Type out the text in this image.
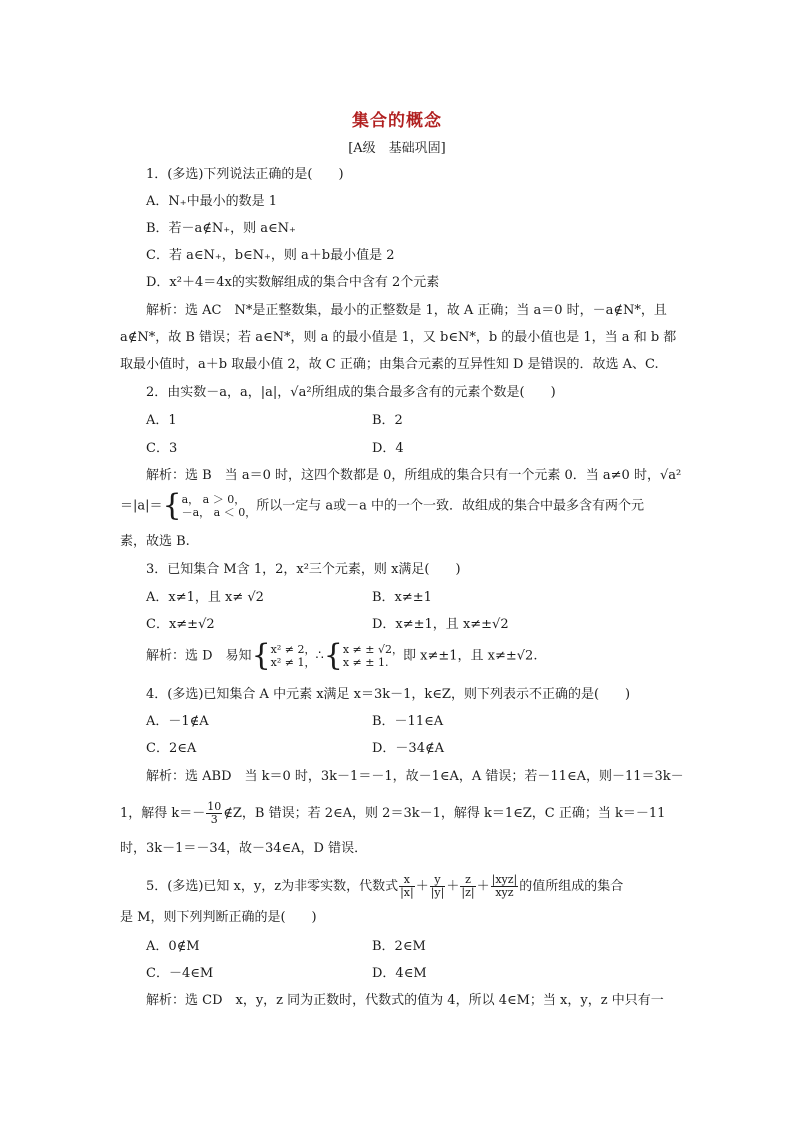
集合的概念
[A级　基础巩固]
1．(多选)下列说法正确的是(　　)
A．N₊中最小的数是 1
B．若－a∉N₊，则 a∈N₊
C．若 a∈N₊，b∈N₊，则 a＋b最小值是 2
D．x²＋4＝4x的实数解组成的集合中含有 2个元素
解析：选 AC　N*是正整数集，最小的正整数是 1，故 A 正确；当 a＝0 时，－a∉N*，且
a∉N*，故 B 错误；若 a∈N*，则 a 的最小值是 1，又 b∈N*，b 的最小值也是 1，当 a 和 b 都
取最小值时，a＋b 取最小值 2，故 C 正确；由集合元素的互异性知 D 是错误的．故选 A、C.
2．由实数－a，a，|a|，√a²所组成的集合最多含有的元素个数是(　　)
A．1	B．2
C．3	D．4
解析：选 B　当 a＝0 时，这四个数都是 0，所组成的集合只有一个元素 0．当 a≠0 时，√a²
＝|a|＝{ a， a ＞ 0，
－a， a ＜ 0， 所以一定与 a或－a 中的一个一致．故组成的集合中最多含有两个元
素，故选 B.
3．已知集合 M含 1，2，x²三个元素，则 x满足(　　)
A．x≠1，且 x≠ √2	B．x≠±1
C．x≠±√2	D．x≠±1，且 x≠±√2
解析：选 D　易知{ x² ≠ 2，
x² ≠ 1， ∴{ x ≠ ± √2，
x ≠ ± 1.	即 x≠±1，且 x≠±√2.
4．(多选)已知集合 A 中元素 x满足 x＝3k－1，k∈Z，则下列表示不正确的是(　　)
A．－1∉A	B．－11∈A
C．2∈A	D．－34∉A
解析：选 ABD　当 k＝0 时，3k－1＝－1，故－1∈A，A 错误；若－11∈A，则－11＝3k－
1，解得 $k=- \frac{10}{3}$ ∉Z，B 错误；若 2∈A，则 2＝3k－1，解得 k＝1∈Z，C 正确；当 k＝－11
时，3k－1＝－34，故－34∈A，D 错误．
5．(多选)已知 x，y，z为非零实数，代数式 $\frac{x}{|x|} + \frac{y}{|y|} + \frac{z}{|z|} + \frac{\text{|xyz|}}{\text{xyz}}$ 的值所组成的集合
是 M，则下列判断正确的是(　　)
A．0∉M	B．2∈M
C．－4∈M	D．4∈M
解析：选 CD　x，y，z 同为正数时，代数式的值为 4，所以 4∈M；当 x，y，z 中只有一
